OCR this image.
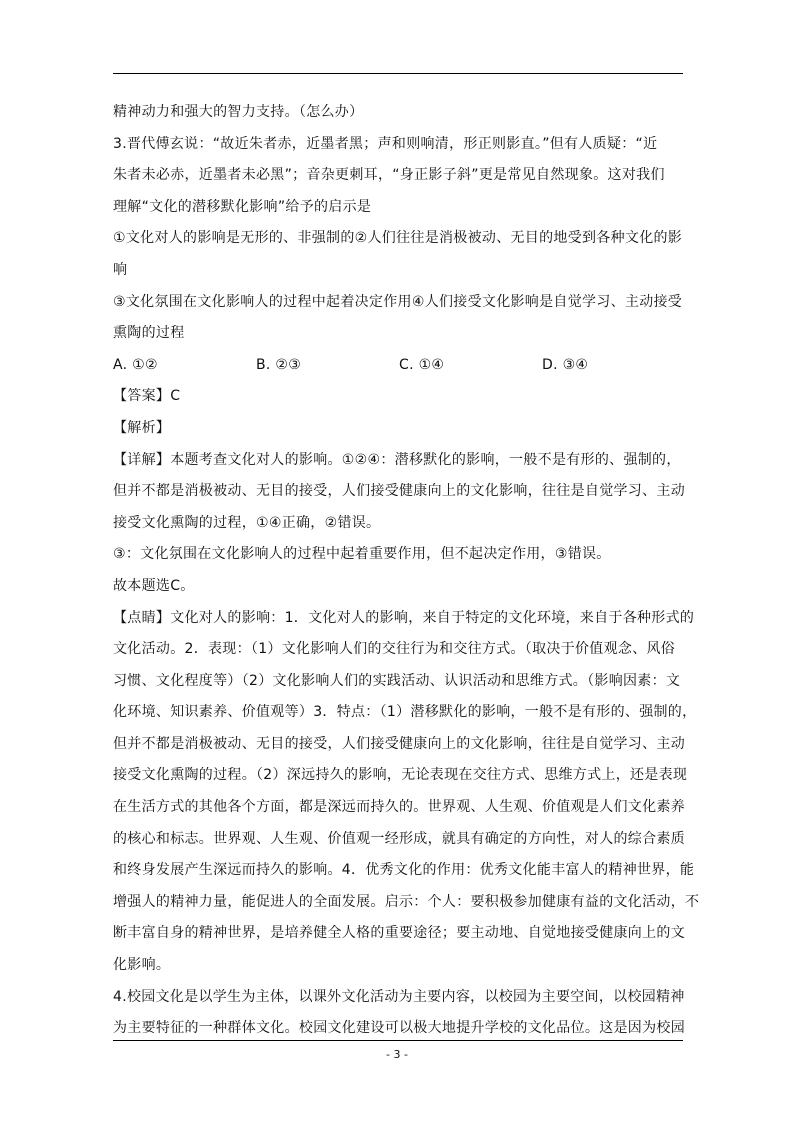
精神动力和强大的智力支持。（怎么办）
3.晋代傅玄说：“故近朱者赤，近墨者黑；声和则响清，形正则影直。”但有人质疑：“近
朱者未必赤，近墨者未必黑”；音杂更刺耳，“身正影子斜”更是常见自然现象。这对我们
理解“文化的潜移默化影响”给予的启示是
①文化对人的影响是无形的、非强制的②人们往往是消极被动、无目的地受到各种文化的影
响
③文化氛围在文化影响人的过程中起着决定作用④人们接受文化影响是自觉学习、主动接受
熏陶的过程
A. ①②	B. ②③	C. ①④	D. ③④
【答案】C
【解析】
【详解】本题考查文化对人的影响。①②④：潜移默化的影响，一般不是有形的、强制的，
但并不都是消极被动、无目的接受，人们接受健康向上的文化影响，往往是自觉学习、主动
接受文化熏陶的过程，①④正确，②错误。
③：文化氛围在文化影响人的过程中起着重要作用，但不起决定作用，③错误。
故本题选C。
【点睛】文化对人的影响：1．文化对人的影响，来自于特定的文化环境，来自于各种形式的
文化活动。2．表现：（1）文化影响人们的交往行为和交往方式。（取决于价值观念、风俗
习惯、文化程度等）（2）文化影响人们的实践活动、认识活动和思维方式。（影响因素：文
化环境、知识素养、价值观等）3．特点：（1）潜移默化的影响，一般不是有形的、强制的，
但并不都是消极被动、无目的接受，人们接受健康向上的文化影响，往往是自觉学习、主动
接受文化熏陶的过程。（2）深远持久的影响，无论表现在交往方式、思维方式上，还是表现
在生活方式的其他各个方面，都是深远而持久的。世界观、人生观、价值观是人们文化素养
的核心和标志。世界观、人生观、价值观一经形成，就具有确定的方向性，对人的综合素质
和终身发展产生深远而持久的影响。4．优秀文化的作用：优秀文化能丰富人的精神世界，能
增强人的精神力量，能促进人的全面发展。启示：个人：要积极参加健康有益的文化活动，不
断丰富自身的精神世界，是培养健全人格的重要途径；要主动地、自觉地接受健康向上的文
化影响。
4.校园文化是以学生为主体，以课外文化活动为主要内容，以校园为主要空间，以校园精神
为主要特征的一种群体文化。校园文化建设可以极大地提升学校的文化品位。这是因为校园
- 3 -
